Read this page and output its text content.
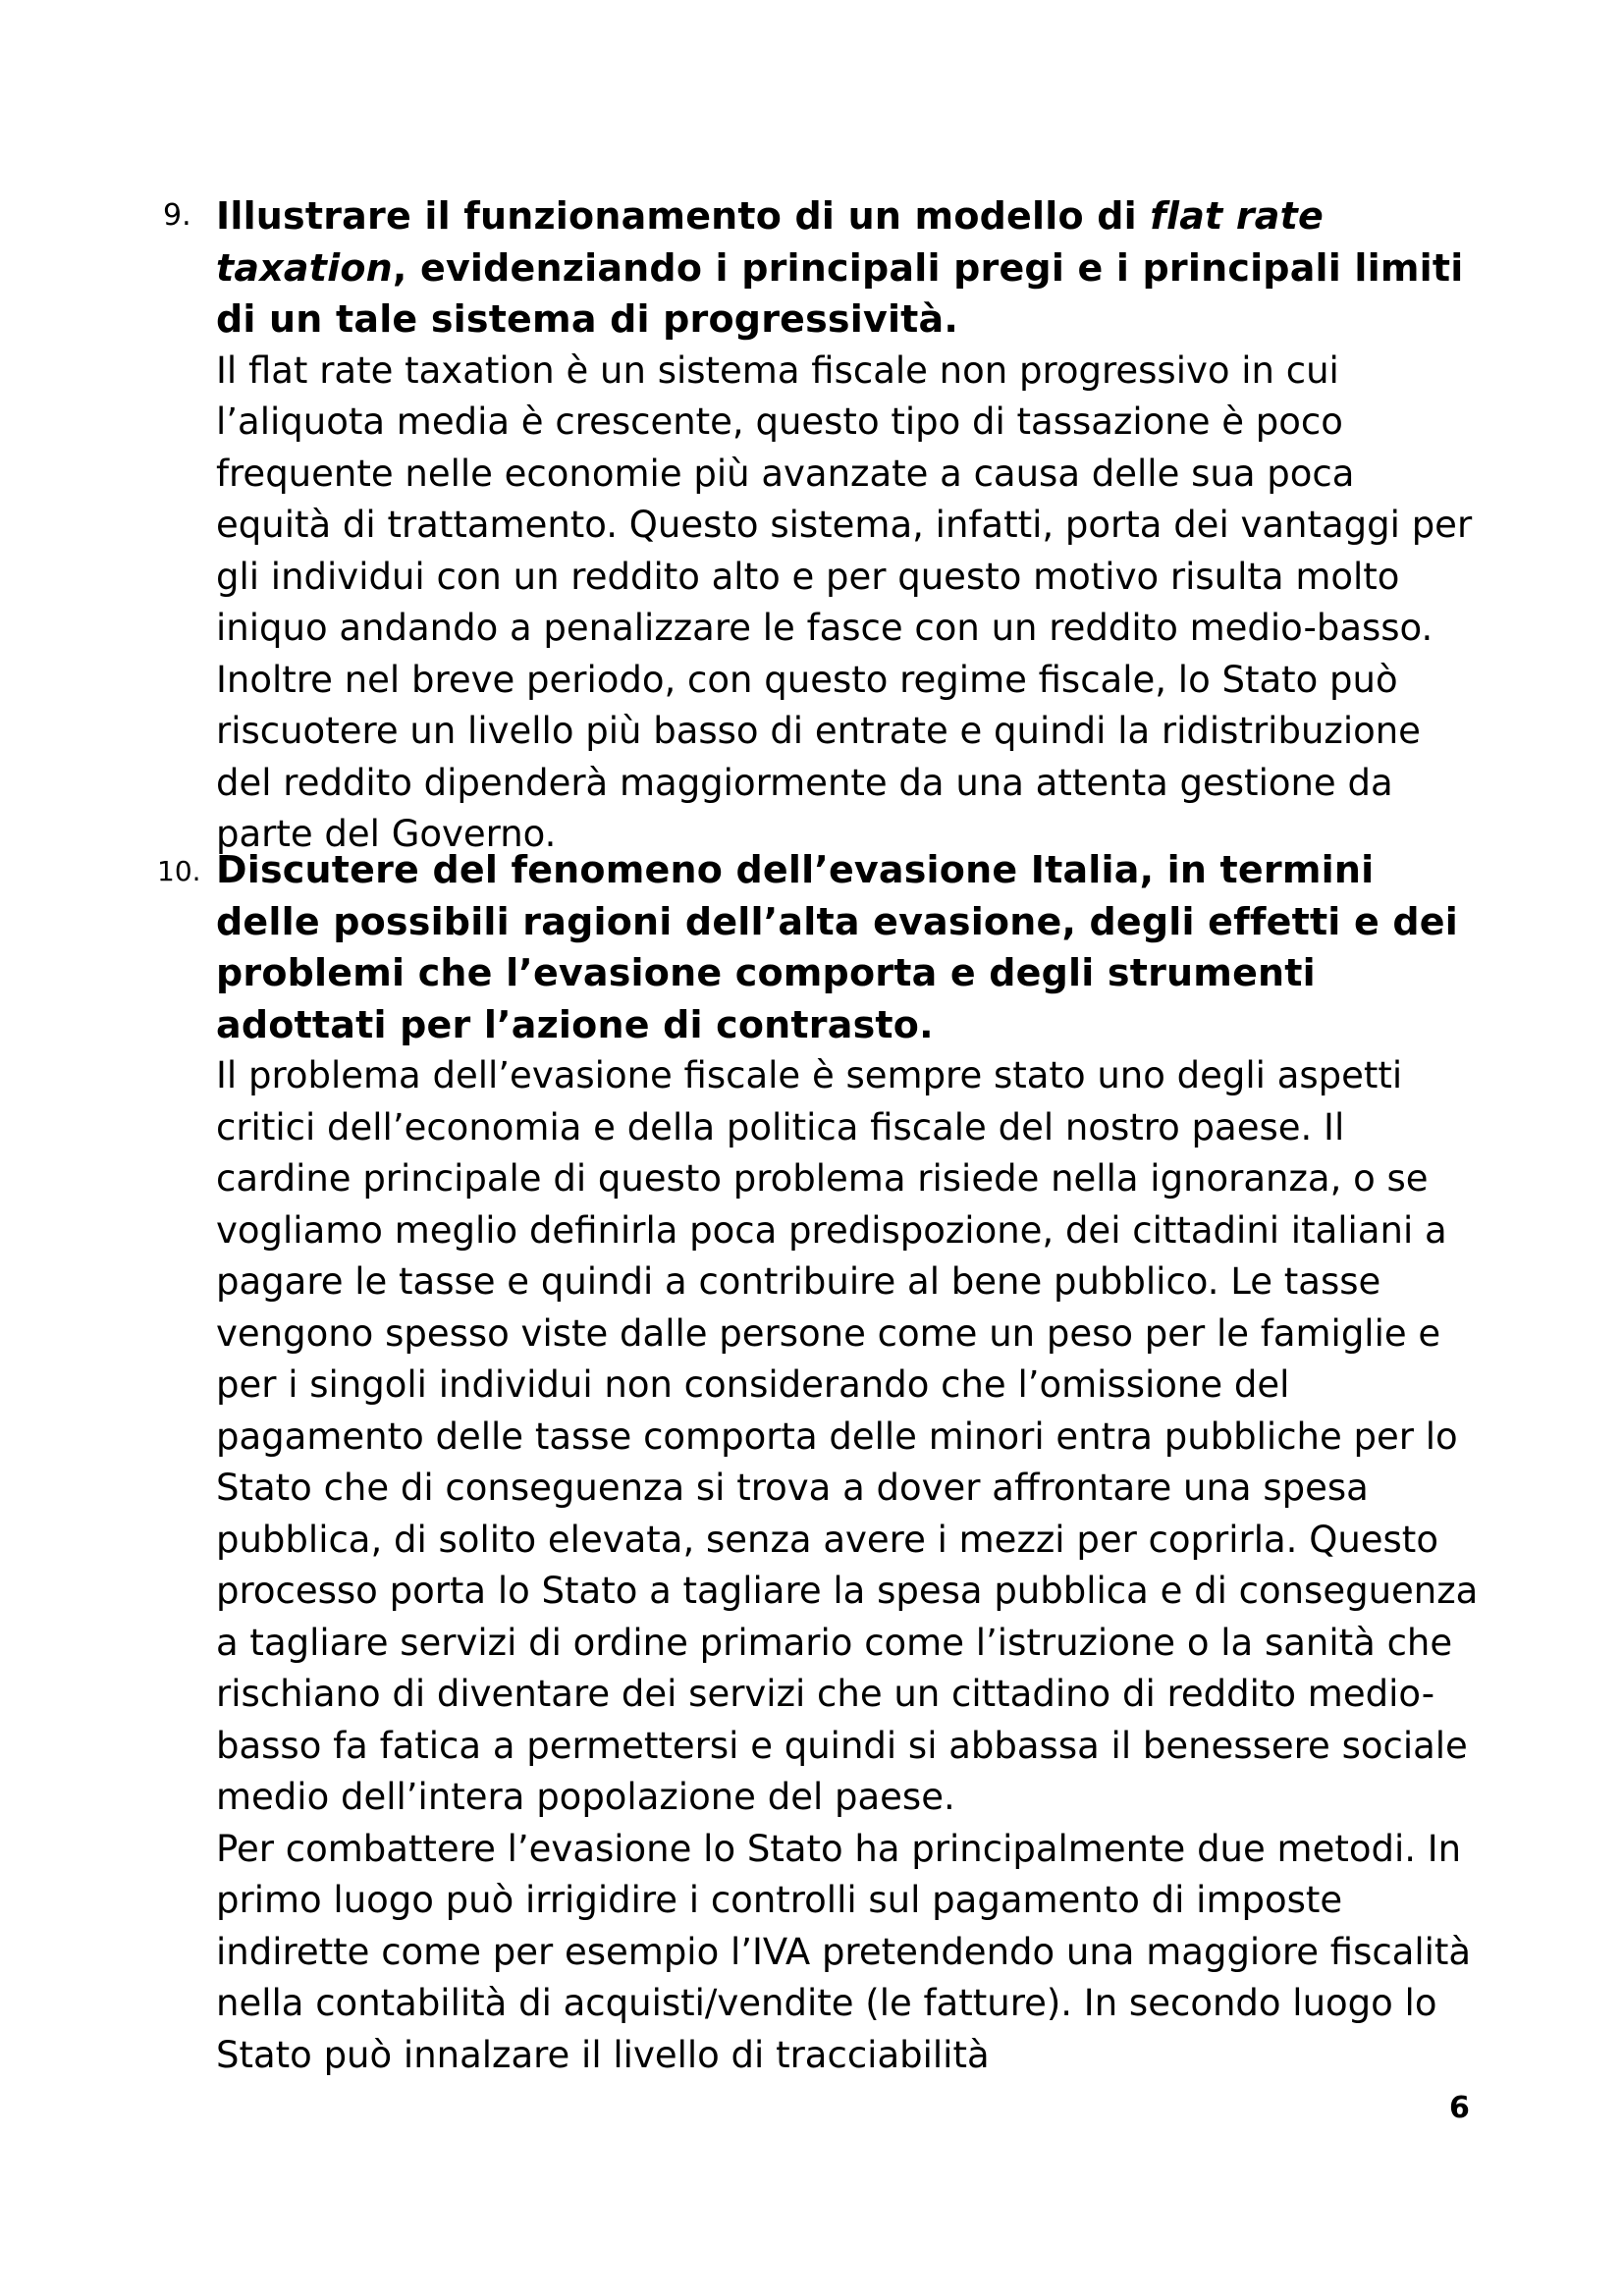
9. Illustrare il funzionamento di un modello di flat rate taxation, evidenziando i principali pregi e i principali limiti di un tale sistema di progressività.

Il flat rate taxation è un sistema fiscale non progressivo in cui l’aliquota media è crescente, questo tipo di tassazione è poco frequente nelle economie più avanzate a causa delle sua poca equità di trattamento. Questo sistema, infatti, porta dei vantaggi per gli individui con un reddito alto e per questo motivo risulta molto iniquo andando a penalizzare le fasce con un reddito medio-basso. Inoltre nel breve periodo, con questo regime fiscale, lo Stato può riscuotere un livello più basso di entrate e quindi la ridistribuzione del reddito dipenderà maggiormente da una attenta gestione da parte del Governo.

10. Discutere del fenomeno dell’evasione Italia, in termini delle possibili ragioni dell’alta evasione, degli effetti e dei problemi che l’evasione comporta e degli strumenti adottati per l’azione di contrasto.

Il problema dell’evasione fiscale è sempre stato uno degli aspetti critici dell’economia e della politica fiscale del nostro paese. Il cardine principale di questo problema risiede nella ignoranza, o se vogliamo meglio definirla poca predispozione, dei cittadini italiani a pagare le tasse e quindi a contribuire al bene pubblico. Le tasse vengono spesso viste dalle persone come un peso per le famiglie e per i singoli individui non considerando che l’omissione del pagamento delle tasse comporta delle minori entra pubbliche per lo Stato che di conseguenza si trova a dover affrontare una spesa pubblica, di solito elevata, senza avere i mezzi per coprirla. Questo processo porta lo Stato a tagliare la spesa pubblica e di conseguenza a tagliare servizi di ordine primario come l’istruzione o la sanità che rischiano di diventare dei servizi che un cittadino di reddito medio-basso fa fatica a permettersi e quindi si abbassa il benessere sociale medio dell’intera popolazione del paese.

Per combattere l’evasione lo Stato ha principalmente due metodi. In primo luogo può irrigidire i controlli sul pagamento di imposte indirette come per esempio l’IVA pretendendo una maggiore fiscalità nella contabilità di acquisti/vendite (le fatture). In secondo luogo lo Stato può innalzare il livello di tracciabilità

6
